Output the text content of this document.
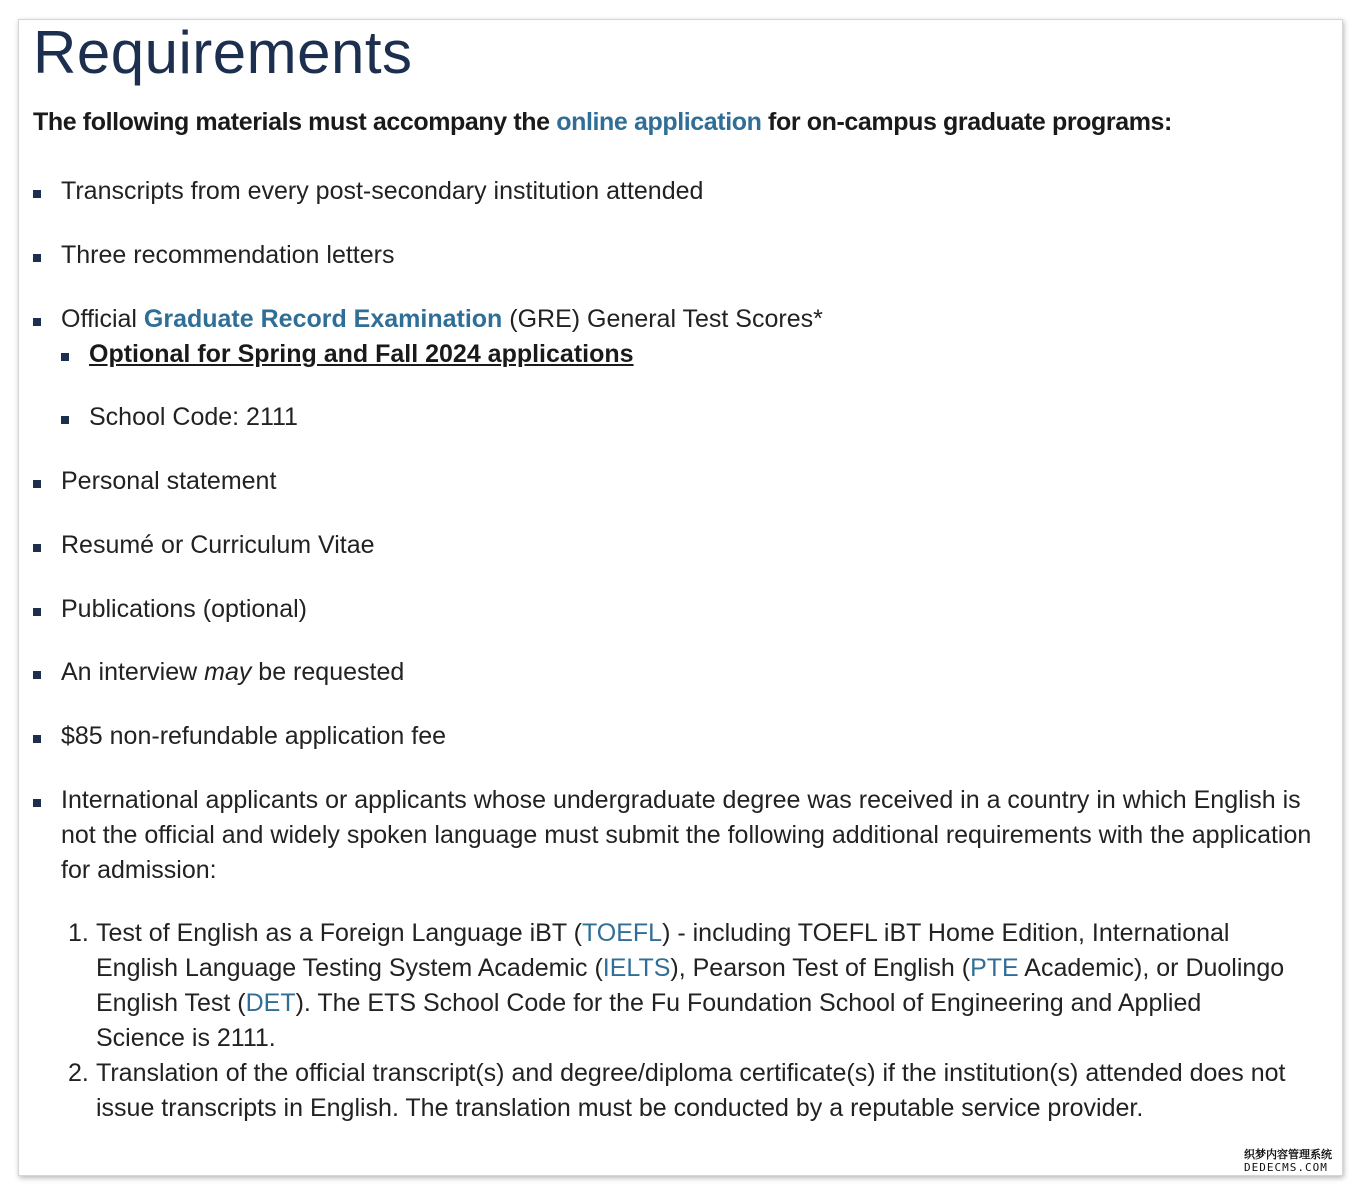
Requirements

The following materials must accompany the online application for on-campus graduate programs:

Transcripts from every post-secondary institution attended
Three recommendation letters
Official Graduate Record Examination (GRE) General Test Scores*
Optional for Spring and Fall 2024 applications
School Code: 2111
Personal statement
Resumé or Curriculum Vitae
Publications (optional)
An interview may be requested
$85 non-refundable application fee
International applicants or applicants whose undergraduate degree was received in a country in which English is not the official and widely spoken language must submit the following additional requirements with the application for admission:
1. Test of English as a Foreign Language iBT (TOEFL) - including TOEFL iBT Home Edition, International English Language Testing System Academic (IELTS), Pearson Test of English (PTE Academic), or Duolingo English Test (DET). The ETS School Code for the Fu Foundation School of Engineering and Applied Science is 2111.
2. Translation of the official transcript(s) and degree/diploma certificate(s) if the institution(s) attended does not issue transcripts in English. The translation must be conducted by a reputable service provider.
织梦内容管理系统
DEDECMS.COM
